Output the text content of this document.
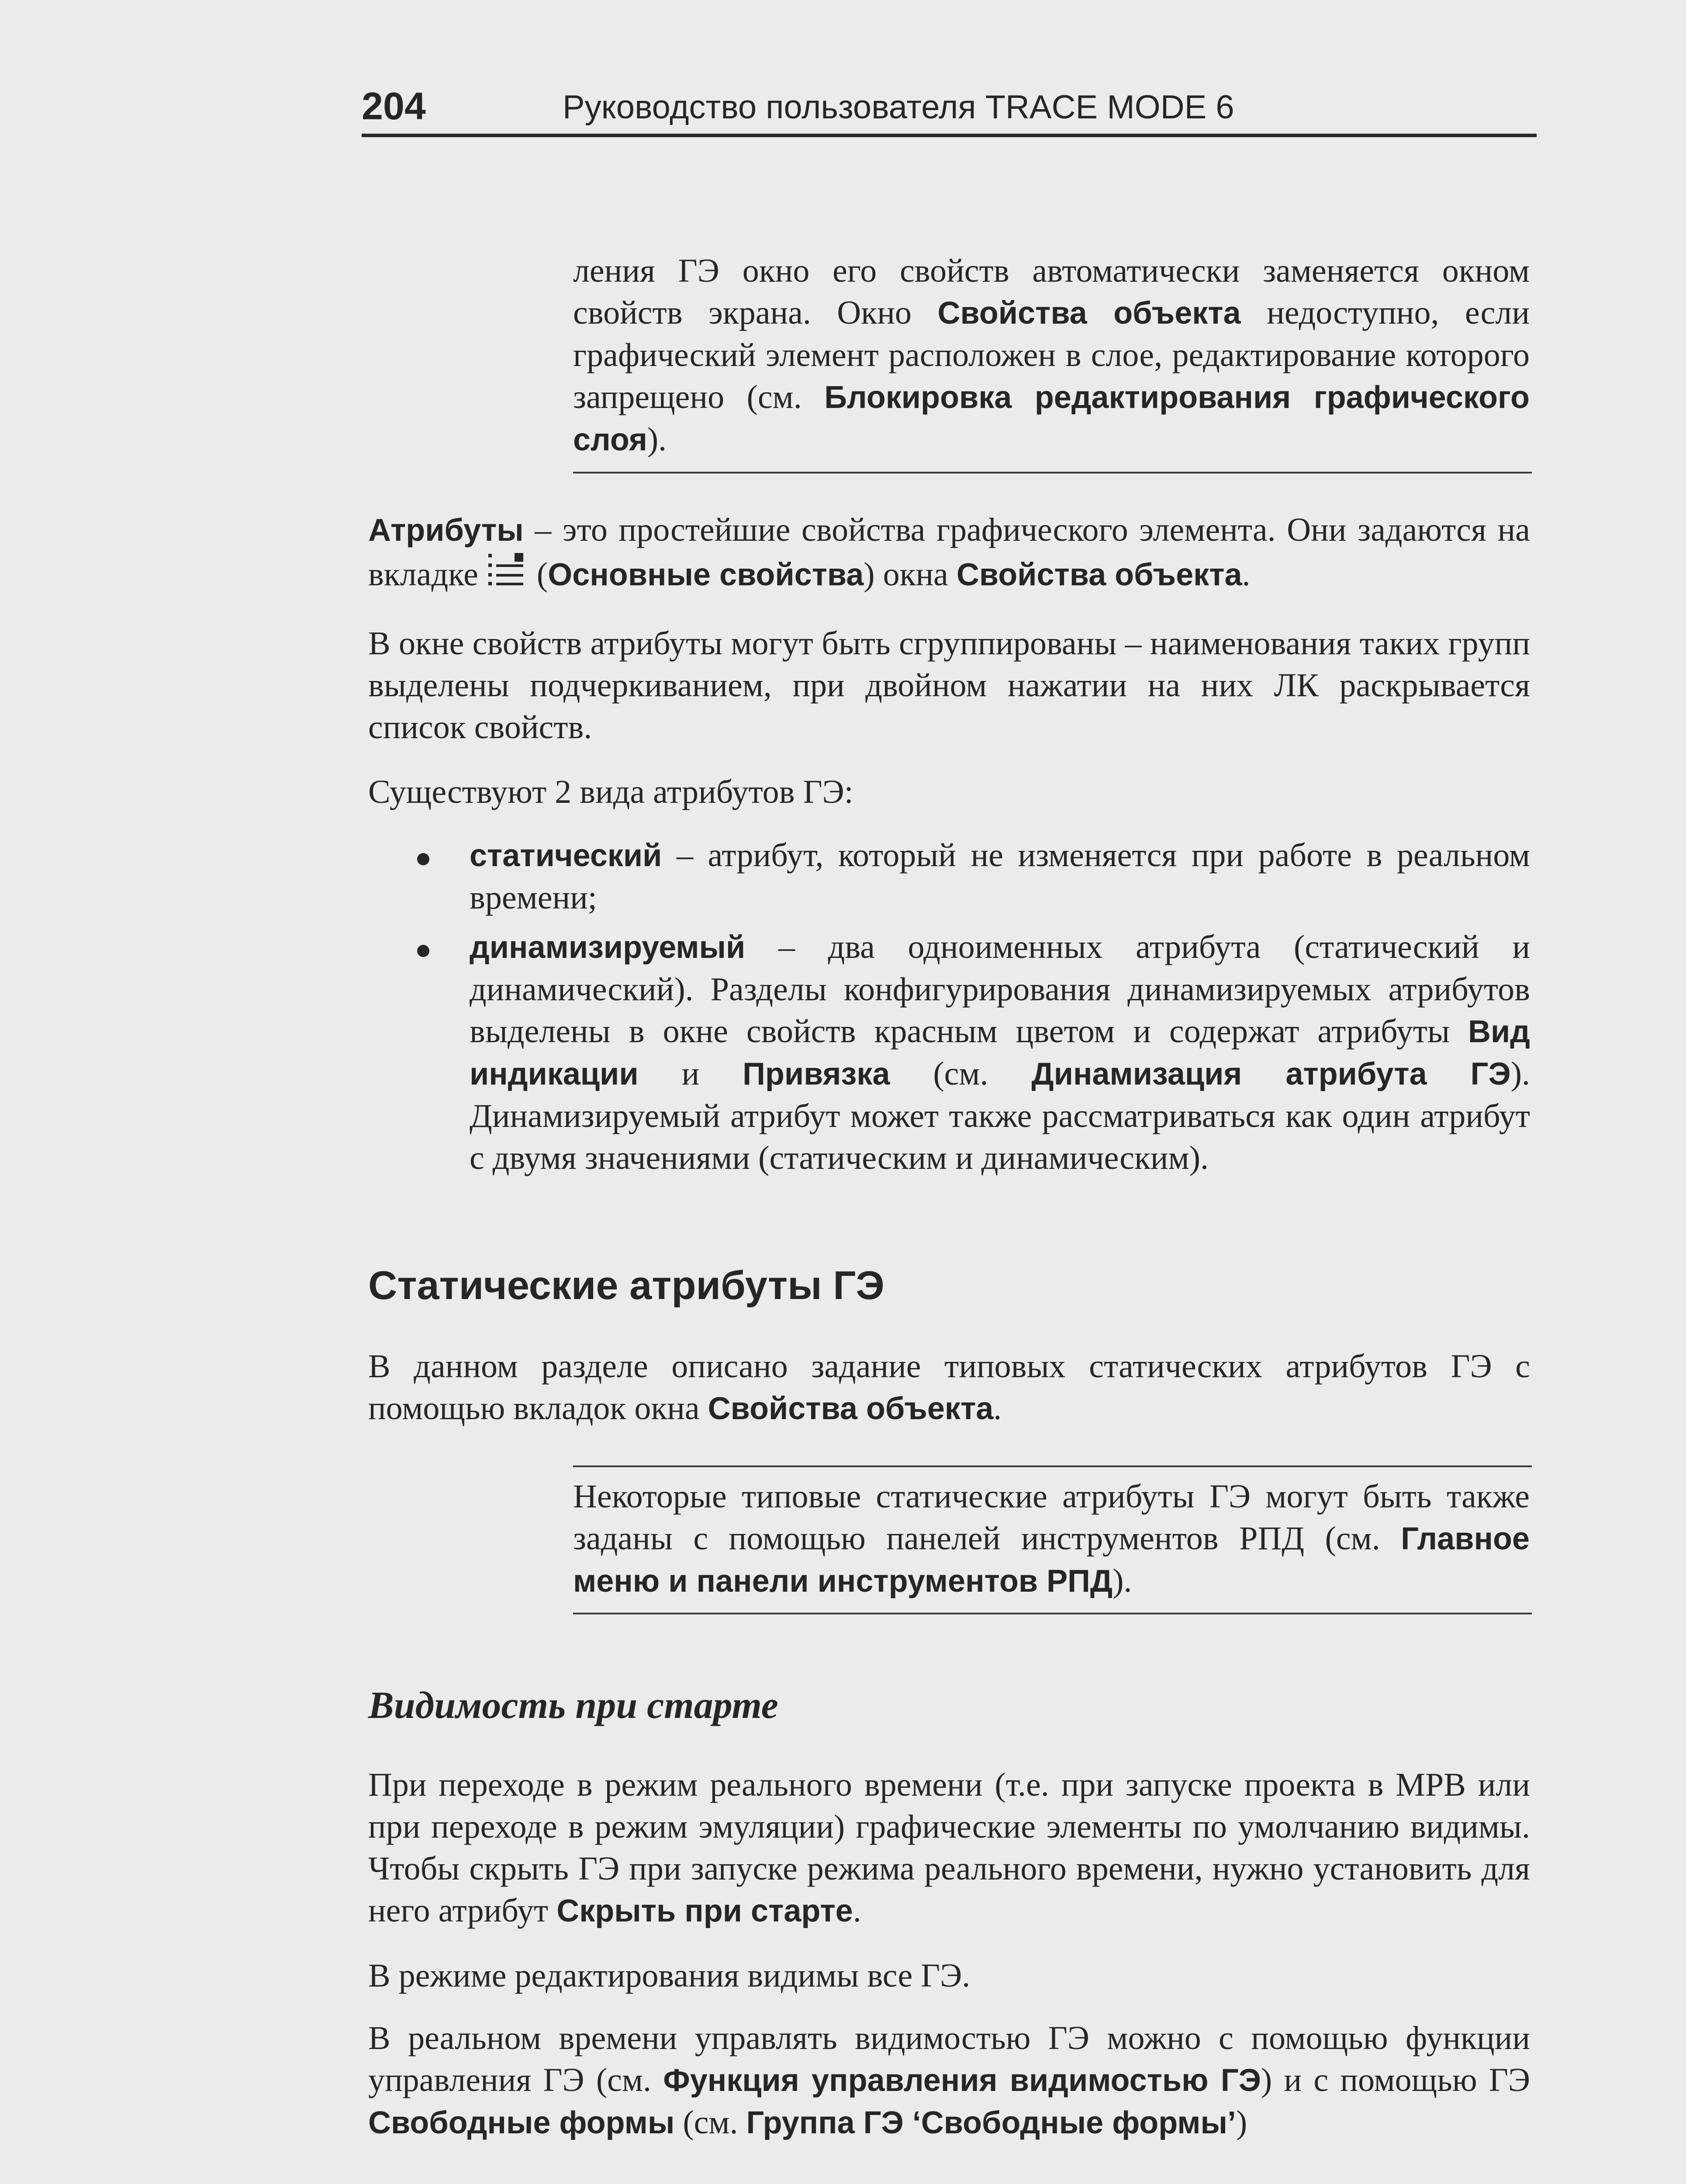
204	Руководство пользователя TRACE MODE 6

ления ГЭ окно его свойств автоматически заменяется окном свойств экрана. Окно Свойства объекта недоступно, если графический элемент расположен в слое, редактирование которого запрещено (см. Блокировка редактирования графического слоя).

Атрибуты – это простейшие свойства графического элемента. Они задаются на вкладке  (Основные свойства) окна Свойства объекта.

В окне свойств атрибуты могут быть сгруппированы – наименования таких групп выделены подчеркиванием, при двойном нажатии на них ЛК раскрывается список свойств.

Существуют 2 вида атрибутов ГЭ:

статический – атрибут, который не изменяется при работе в реальном времени;

динамизируемый – два одноименных атрибута (статический и динамический). Разделы конфигурирования динамизируемых атрибутов выделены в окне свойств красным цветом и содержат атрибуты Вид индикации и Привязка (см. Динамизация атрибута ГЭ). Динамизируемый атрибут может также рассматриваться как один атрибут с двумя значениями (статическим и динамическим).

Статические атрибуты ГЭ

В данном разделе описано задание типовых статических атрибутов ГЭ с помощью вкладок окна Свойства объекта.

Некоторые типовые статические атрибуты ГЭ могут быть также заданы с помощью панелей инструментов РПД (см. Главное меню и панели инструментов РПД).

Видимость при старте

При переходе в режим реального времени (т.е. при запуске проекта в МРВ или при переходе в режим эмуляции) графические элементы по умолчанию видимы. Чтобы скрыть ГЭ при запуске режима реального времени, нужно установить для него атрибут Скрыть при старте.

В режиме редактирования видимы все ГЭ.

В реальном времени управлять видимостью ГЭ можно с помощью функции управления ГЭ (см. Функция управления видимостью ГЭ) и с помощью ГЭ Свободные формы (см. Группа ГЭ ‘Свободные формы’)
